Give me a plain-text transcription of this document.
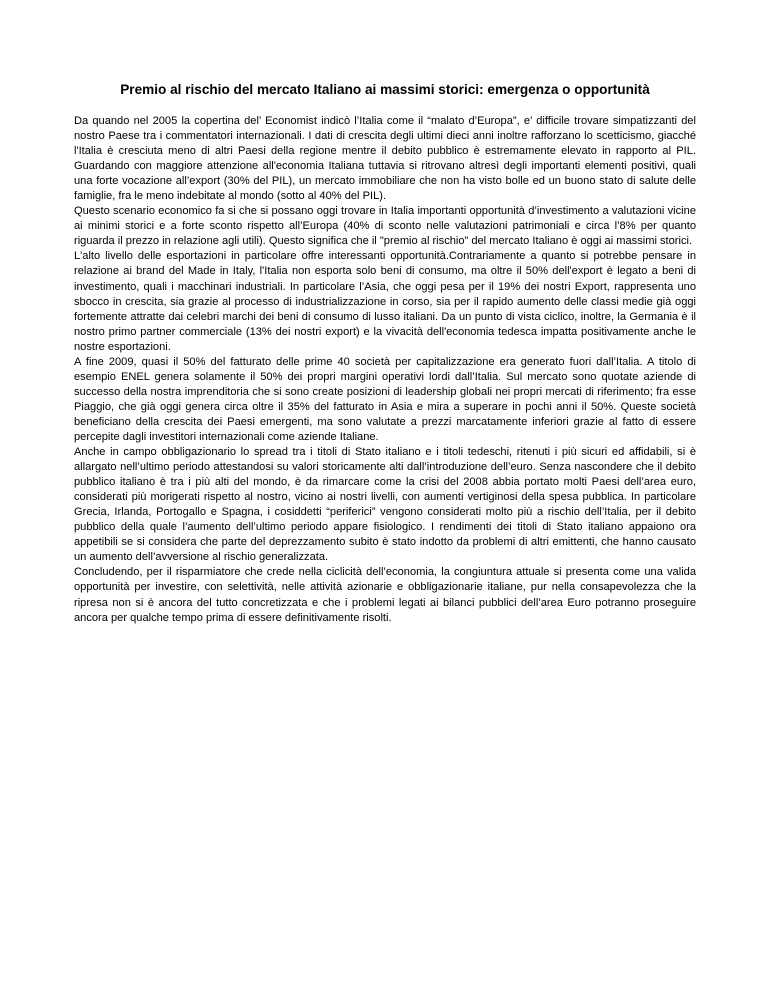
Premio al rischio del mercato Italiano ai massimi storici: emergenza o opportunità

Da quando nel 2005 la copertina del’ Economist indicò l’Italia come il “malato d’Europa”, e’ difficile trovare simpatizzanti del nostro Paese tra i commentatori internazionali. I dati di crescita degli ultimi dieci anni inoltre rafforzano lo scetticismo, giacché l'Italia è cresciuta meno di altri Paesi della regione mentre il debito pubblico è estremamente elevato in rapporto al PIL. Guardando con maggiore attenzione all'economia Italiana tuttavia si ritrovano altresì degli importanti elementi positivi, quali una forte vocazione all’export (30% del PIL), un mercato immobiliare che non ha visto bolle ed un buono stato di salute delle famiglie, fra le meno indebitate al mondo (sotto al 40% del PIL).

Questo scenario economico fa si che si possano oggi trovare in Italia importanti opportunità d’investimento a valutazioni vicine ai minimi storici e a forte sconto rispetto all’Europa (40% di sconto nelle valutazioni patrimoniali e circa l’8% per quanto riguarda il prezzo in relazione agli utili). Questo significa che il "premio al rischio” del mercato Italiano è oggi ai massimi storici.

L'alto livello delle esportazioni in particolare offre interessanti opportunità.Contrariamente a quanto si potrebbe pensare in relazione ai brand del Made in Italy, l'Italia non esporta solo beni di consumo, ma oltre il 50% dell'export è legato a beni di investimento, quali i macchinari industriali. In particolare l’Asia, che oggi pesa per il 19% dei nostri Export, rappresenta uno sbocco in crescita, sia grazie al processo di industrializzazione in corso, sia per il rapido aumento delle classi medie già oggi fortemente attratte dai celebri marchi dei beni di consumo di lusso italiani. Da un punto di vista ciclico, inoltre, la Germania è il nostro primo partner commerciale (13% dei nostri export) e la vivacità dell'economia tedesca impatta positivamente anche le nostre esportazioni.

A fine 2009, quasi il 50% del fatturato delle prime 40 società per capitalizzazione era generato fuori dall’Italia. A titolo di esempio ENEL genera solamente il 50% dei propri margini operativi lordi dall’Italia. Sul mercato sono quotate aziende di successo della nostra imprenditoria che si sono create posizioni di leadership globali nei propri mercati di riferimento; fra esse Piaggio, che già oggi genera circa oltre il 35% del fatturato in Asia e mira a superare in pochi anni il 50%. Queste società beneficiano della crescita dei Paesi emergenti, ma sono valutate a prezzi marcatamente inferiori grazie al fatto di essere percepite dagli investitori internazionali come aziende Italiane.

Anche in campo obbligazionario lo spread tra i titoli di Stato italiano e i titoli tedeschi, ritenuti i più sicuri ed affidabili, si è allargato nell’ultimo periodo attestandosi su valori storicamente alti dall’introduzione dell’euro. Senza nascondere che il debito pubblico italiano è tra i più alti del mondo, è da rimarcare come la crisi del 2008 abbia portato molti Paesi dell’area euro, considerati più morigerati rispetto al nostro, vicino ai nostri livelli, con aumenti vertiginosi della spesa pubblica. In particolare Grecia, Irlanda, Portogallo e Spagna, i cosiddetti “periferici” vengono considerati molto più a rischio dell’Italia, per il debito pubblico della quale l’aumento dell’ultimo periodo appare fisiologico. I rendimenti dei titoli di Stato italiano appaiono ora appetibili se si considera che parte del deprezzamento subito è stato indotto da problemi di altri emittenti, che hanno causato un aumento dell’avversione al rischio generalizzata.

Concludendo, per il risparmiatore che crede nella ciclicità dell’economia, la congiuntura attuale si presenta come una valida opportunità per investire, con selettività, nelle attività azionarie e obbligazionarie italiane, pur nella consapevolezza che la ripresa non si è ancora del tutto concretizzata e che i problemi legati ai bilanci pubblici dell’area Euro potranno proseguire ancora per qualche tempo prima di essere definitivamente risolti.
